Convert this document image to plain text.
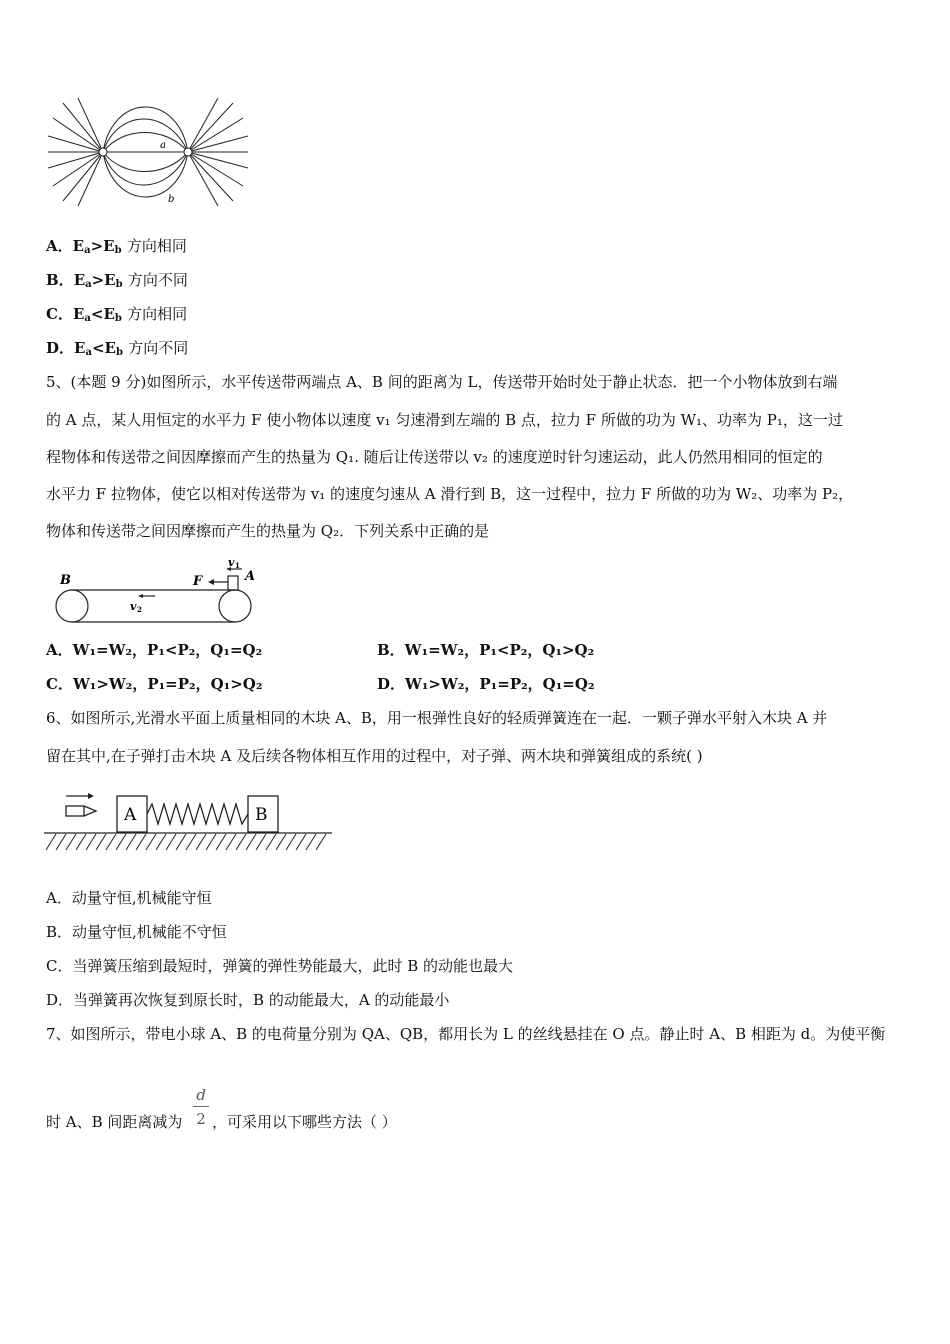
a
b
A．$E_a>E_b$ 方向相同
B．$E_a>E_b$ 方向不同
C．$E_a<E_b$ 方向相同
D．$E_a<E_b$ 方向不同
5、(本题 9 分)如图所示，水平传送带两端点 A、B 间的距离为 L，传送带开始时处于静止状态．把一个小物体放到右端
的 A 点，某人用恒定的水平力 F 使小物体以速度 v₁ 匀速滑到左端的 B 点，拉力 F 所做的功为 W₁、功率为 P₁，这一过
程物体和传送带之间因摩擦而产生的热量为 Q₁. 随后让传送带以 v₂ 的速度逆时针匀速运动，此人仍然用相同的恒定的
水平力 F 拉物体，使它以相对传送带为 v₁ 的速度匀速从 A 滑行到 B，这一过程中，拉力 F 所做的功为 W₂、功率为 P₂，
物体和传送带之间因摩擦而产生的热量为 Q₂．下列关系中正确的是
B	A
F
v 1
v 2
A．W₁=W₂，P₁<P₂，Q₁=Q₂	B．W₁=W₂，P₁<P₂，Q₁>Q₂
C．W₁>W₂，P₁=P₂，Q₁>Q₂	D．W₁>W₂，P₁=P₂，Q₁=Q₂
6、如图所示,光滑水平面上质量相同的木块 A、B，用一根弹性良好的轻质弹簧连在一起．一颗子弹水平射入木块 A 并
留在其中,在子弹打击木块 A 及后续各物体相互作用的过程中，对子弹、两木块和弹簧组成的系统( )
A	B
A．动量守恒,机械能守恒
B．动量守恒,机械能不守恒
C．当弹簧压缩到最短时，弹簧的弹性势能最大，此时 B 的动能也最大
D．当弹簧再次恢复到原长时，B 的动能最大，A 的动能最小
7、如图所示，带电小球 A、B 的电荷量分别为 QA、QB，都用长为 L 的丝线悬挂在 O 点。静止时 A、B 相距为 d。为使平衡
时 A、B 间距离减为
d
2 ，可采用以下哪些方法（ ）
